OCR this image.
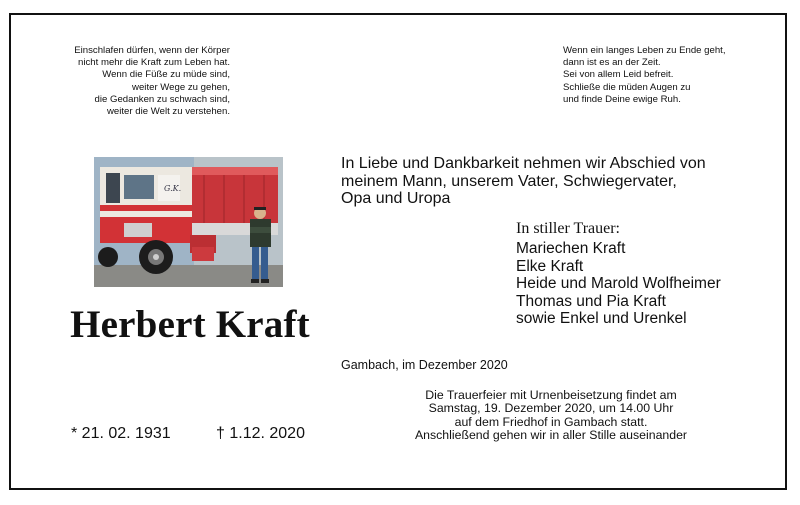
Einschlafen dürfen, wenn der Körper
nicht mehr die Kraft zum Leben hat.
Wenn die Füße zu müde sind,
weiter Wege zu gehen,
die Gedanken zu schwach sind,
weiter die Welt zu verstehen.
Wenn ein langes Leben zu Ende geht,
dann ist es an der Zeit.
Sei von allem Leid befreit.
Schließe die müden Augen zu
und finde Deine ewige Ruh.
G.K.
Herbert Kraft
In Liebe und Dankbarkeit nehmen wir Abschied von
meinem Mann, unserem Vater, Schwiegervater,
Opa und Uropa
In stiller Trauer:
Mariechen Kraft
Elke Kraft
Heide und Marold Wolfheimer
Thomas und Pia Kraft
sowie Enkel und Urenkel
Gambach, im Dezember 2020
Die Trauerfeier mit Urnenbeisetzung findet am
Samstag, 19. Dezember 2020, um 14.00 Uhr
auf dem Friedhof in Gambach statt.
Anschließend gehen wir in aller Stille auseinander
* 21. 02. 1931	† 1.12. 2020
